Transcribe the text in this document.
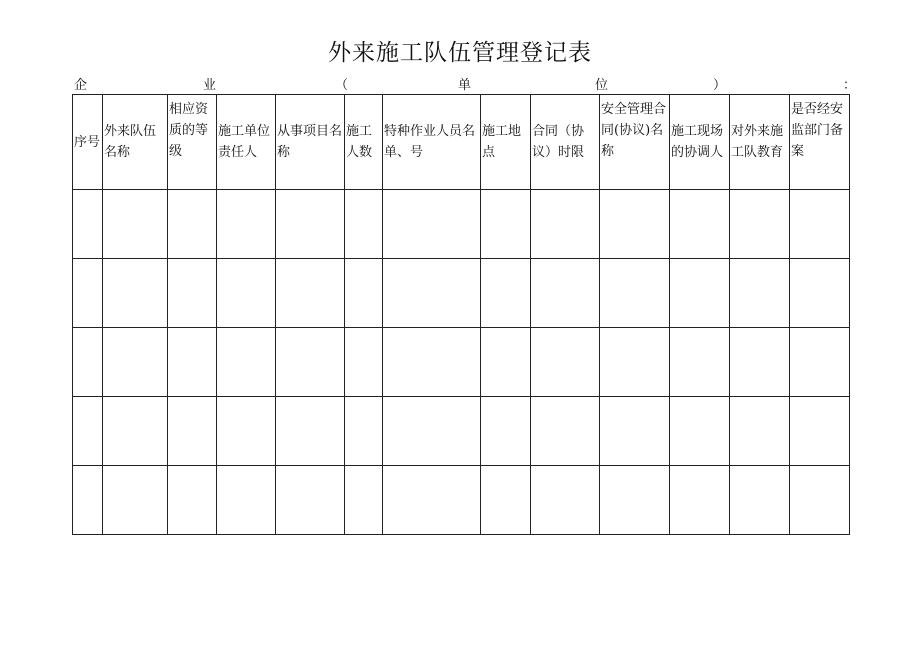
外来施工队伍管理登记表
企	业	（	单	位	）	：
序号	外来队伍名称	相应资质的等级	施工单位责任人	从事项目名称	施工人数	特种作业人员名单、号	施工地点	合同（协议）时限	安全管理合同(协议)名称	施工现场的协调人	对外来施工队教育	是否经安监部门备案
